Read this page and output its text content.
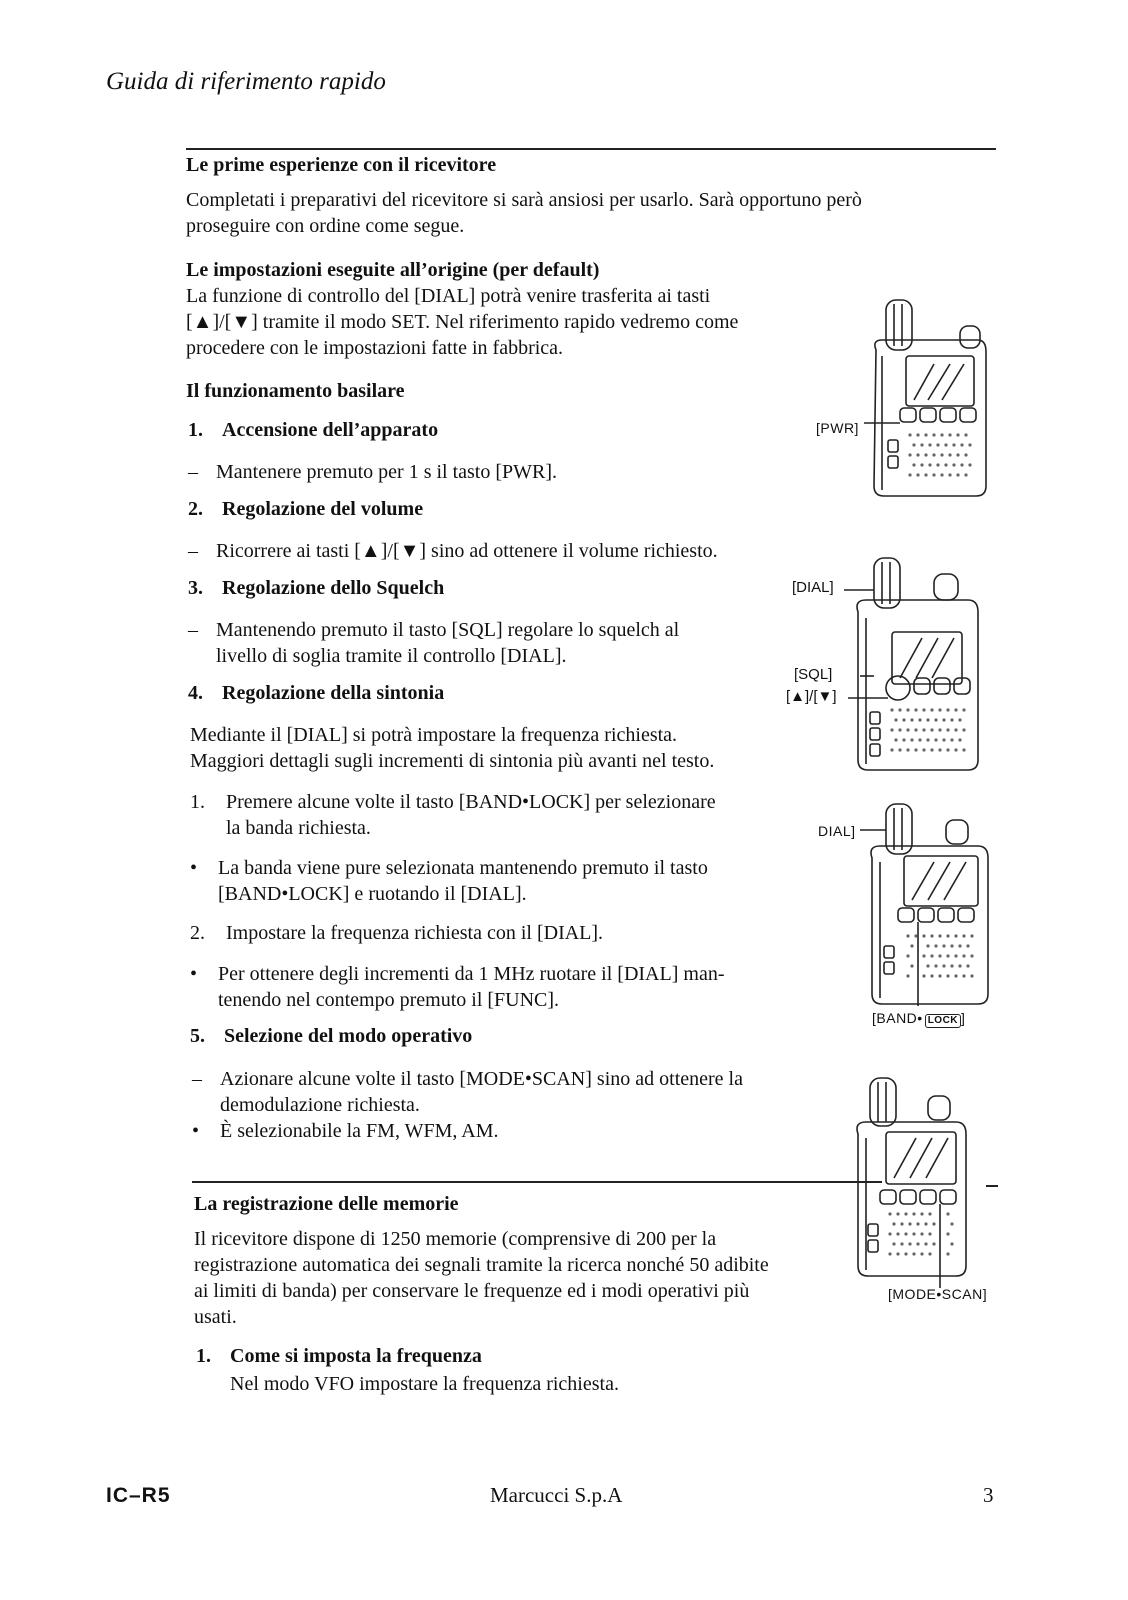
Guida di riferimento rapido
Le prime esperienze con il ricevitore
Completati i preparativi del ricevitore si sarà ansiosi per usarlo. Sarà opportuno però
proseguire con ordine come segue.
Le impostazioni eseguite all’origine (per default)
La funzione di controllo del [DIAL] potrà venire trasferita ai tasti
[▲]/[▼] tramite il modo SET. Nel riferimento rapido vedremo come
procedere con le impostazioni fatte in fabbrica.
Il funzionamento basilare
1. Accensione dell’apparato
– Mantenere premuto per 1 s il tasto [PWR].
2. Regolazione del volume
– Ricorrere ai tasti [▲]/[▼] sino ad ottenere il volume richiesto.
3. Regolazione dello Squelch
– Mantenendo premuto il tasto [SQL] regolare lo squelch al
livello di soglia tramite il controllo [DIAL].
4. Regolazione della sintonia
Mediante il [DIAL] si potrà impostare la frequenza richiesta.
Maggiori dettagli sugli incrementi di sintonia più avanti nel testo.
1. Premere alcune volte il tasto [BAND•LOCK] per selezionare
la banda richiesta.
• La banda viene pure selezionata mantenendo premuto il tasto
[BAND•LOCK] e ruotando il [DIAL].
2. Impostare la frequenza richiesta con il [DIAL].
• Per ottenere degli incrementi da 1 MHz ruotare il [DIAL] man-
tenendo nel contempo premuto il [FUNC].
5. Selezione del modo operativo
– Azionare alcune volte il tasto [MODE•SCAN] sino ad ottenere la
demodulazione richiesta.
• È selezionabile la FM, WFM, AM.
La registrazione delle memorie
Il ricevitore dispone di 1250 memorie (comprensive di 200 per la
registrazione automatica dei segnali tramite la ricerca nonché 50 adibite
ai limiti di banda) per conservare le frequenze ed i modi operativi più
usati.
1. Come si imposta la frequenza
Nel modo VFO impostare la frequenza richiesta.
IC–R5	Marcucci S.p.A	3
[PWR]
[DIAL]
[SQL]
[▲]/[▼]
DIAL]
[BAND• LOCK ]
[MODE•SCAN]
